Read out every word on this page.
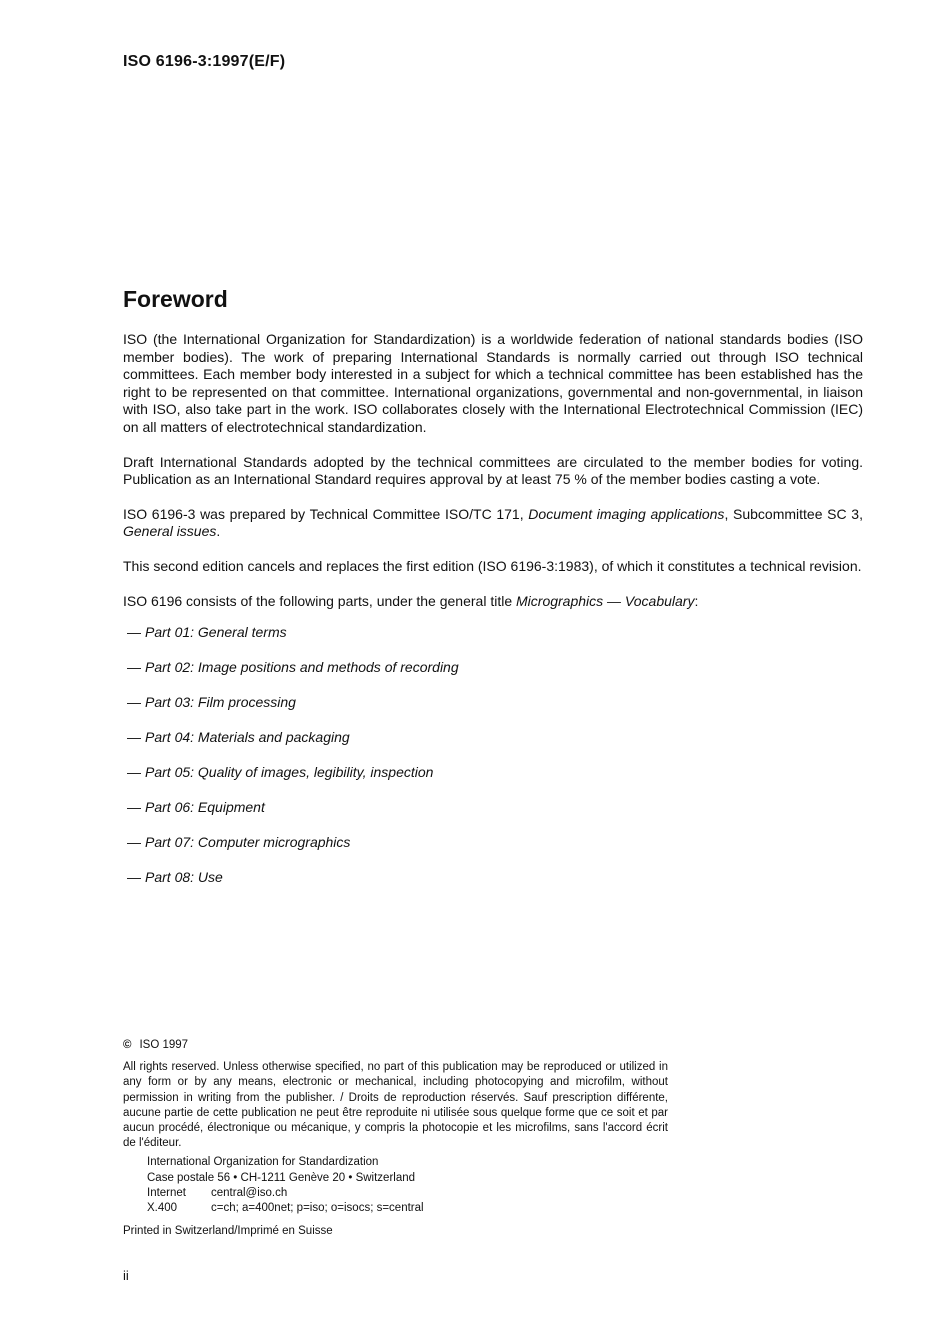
ISO 6196-3:1997(E/F)
Foreword

ISO (the International Organization for Standardization) is a worldwide federation of national standards bodies (ISO member bodies). The work of preparing International Standards is normally carried out through ISO technical committees. Each member body interested in a subject for which a technical committee has been established has the right to be represented on that committee. International organizations, governmental and non-governmental, in liaison with ISO, also take part in the work. ISO collaborates closely with the International Electrotechnical Commission (IEC) on all matters of electrotechnical standardization.

Draft International Standards adopted by the technical committees are circulated to the member bodies for voting. Publication as an International Standard requires approval by at least 75 % of the member bodies casting a vote.

ISO 6196-3 was prepared by Technical Committee ISO/TC 171, Document imaging applications, Subcommittee SC 3, General issues.

This second edition cancels and replaces the first edition (ISO 6196-3:1983), of which it constitutes a technical revision.

ISO 6196 consists of the following parts, under the general title Micrographics — Vocabulary:

— Part 01: General terms
— Part 02: Image positions and methods of recording
— Part 03: Film processing
— Part 04: Materials and packaging
— Part 05: Quality of images, legibility, inspection
— Part 06: Equipment
— Part 07: Computer micrographics
— Part 08: Use
© ISO 1997
All rights reserved. Unless otherwise specified, no part of this publication may be reproduced or utilized in any form or by any means, electronic or mechanical, including photocopying and microfilm, without permission in writing from the publisher. / Droits de reproduction réservés. Sauf prescription différente, aucune partie de cette publication ne peut être reproduite ni utilisée sous quelque forme que ce soit et par aucun procédé, électronique ou mécanique, y compris la photocopie et les microfilms, sans l'accord écrit de l'éditeur.
International Organization for Standardization
Case postale 56 • CH-1211 Genève 20 • Switzerland
Internet central@iso.ch
X.400	c=ch; a=400net; p=iso; o=isocs; s=central
Printed in Switzerland/Imprimé en Suisse
ii
